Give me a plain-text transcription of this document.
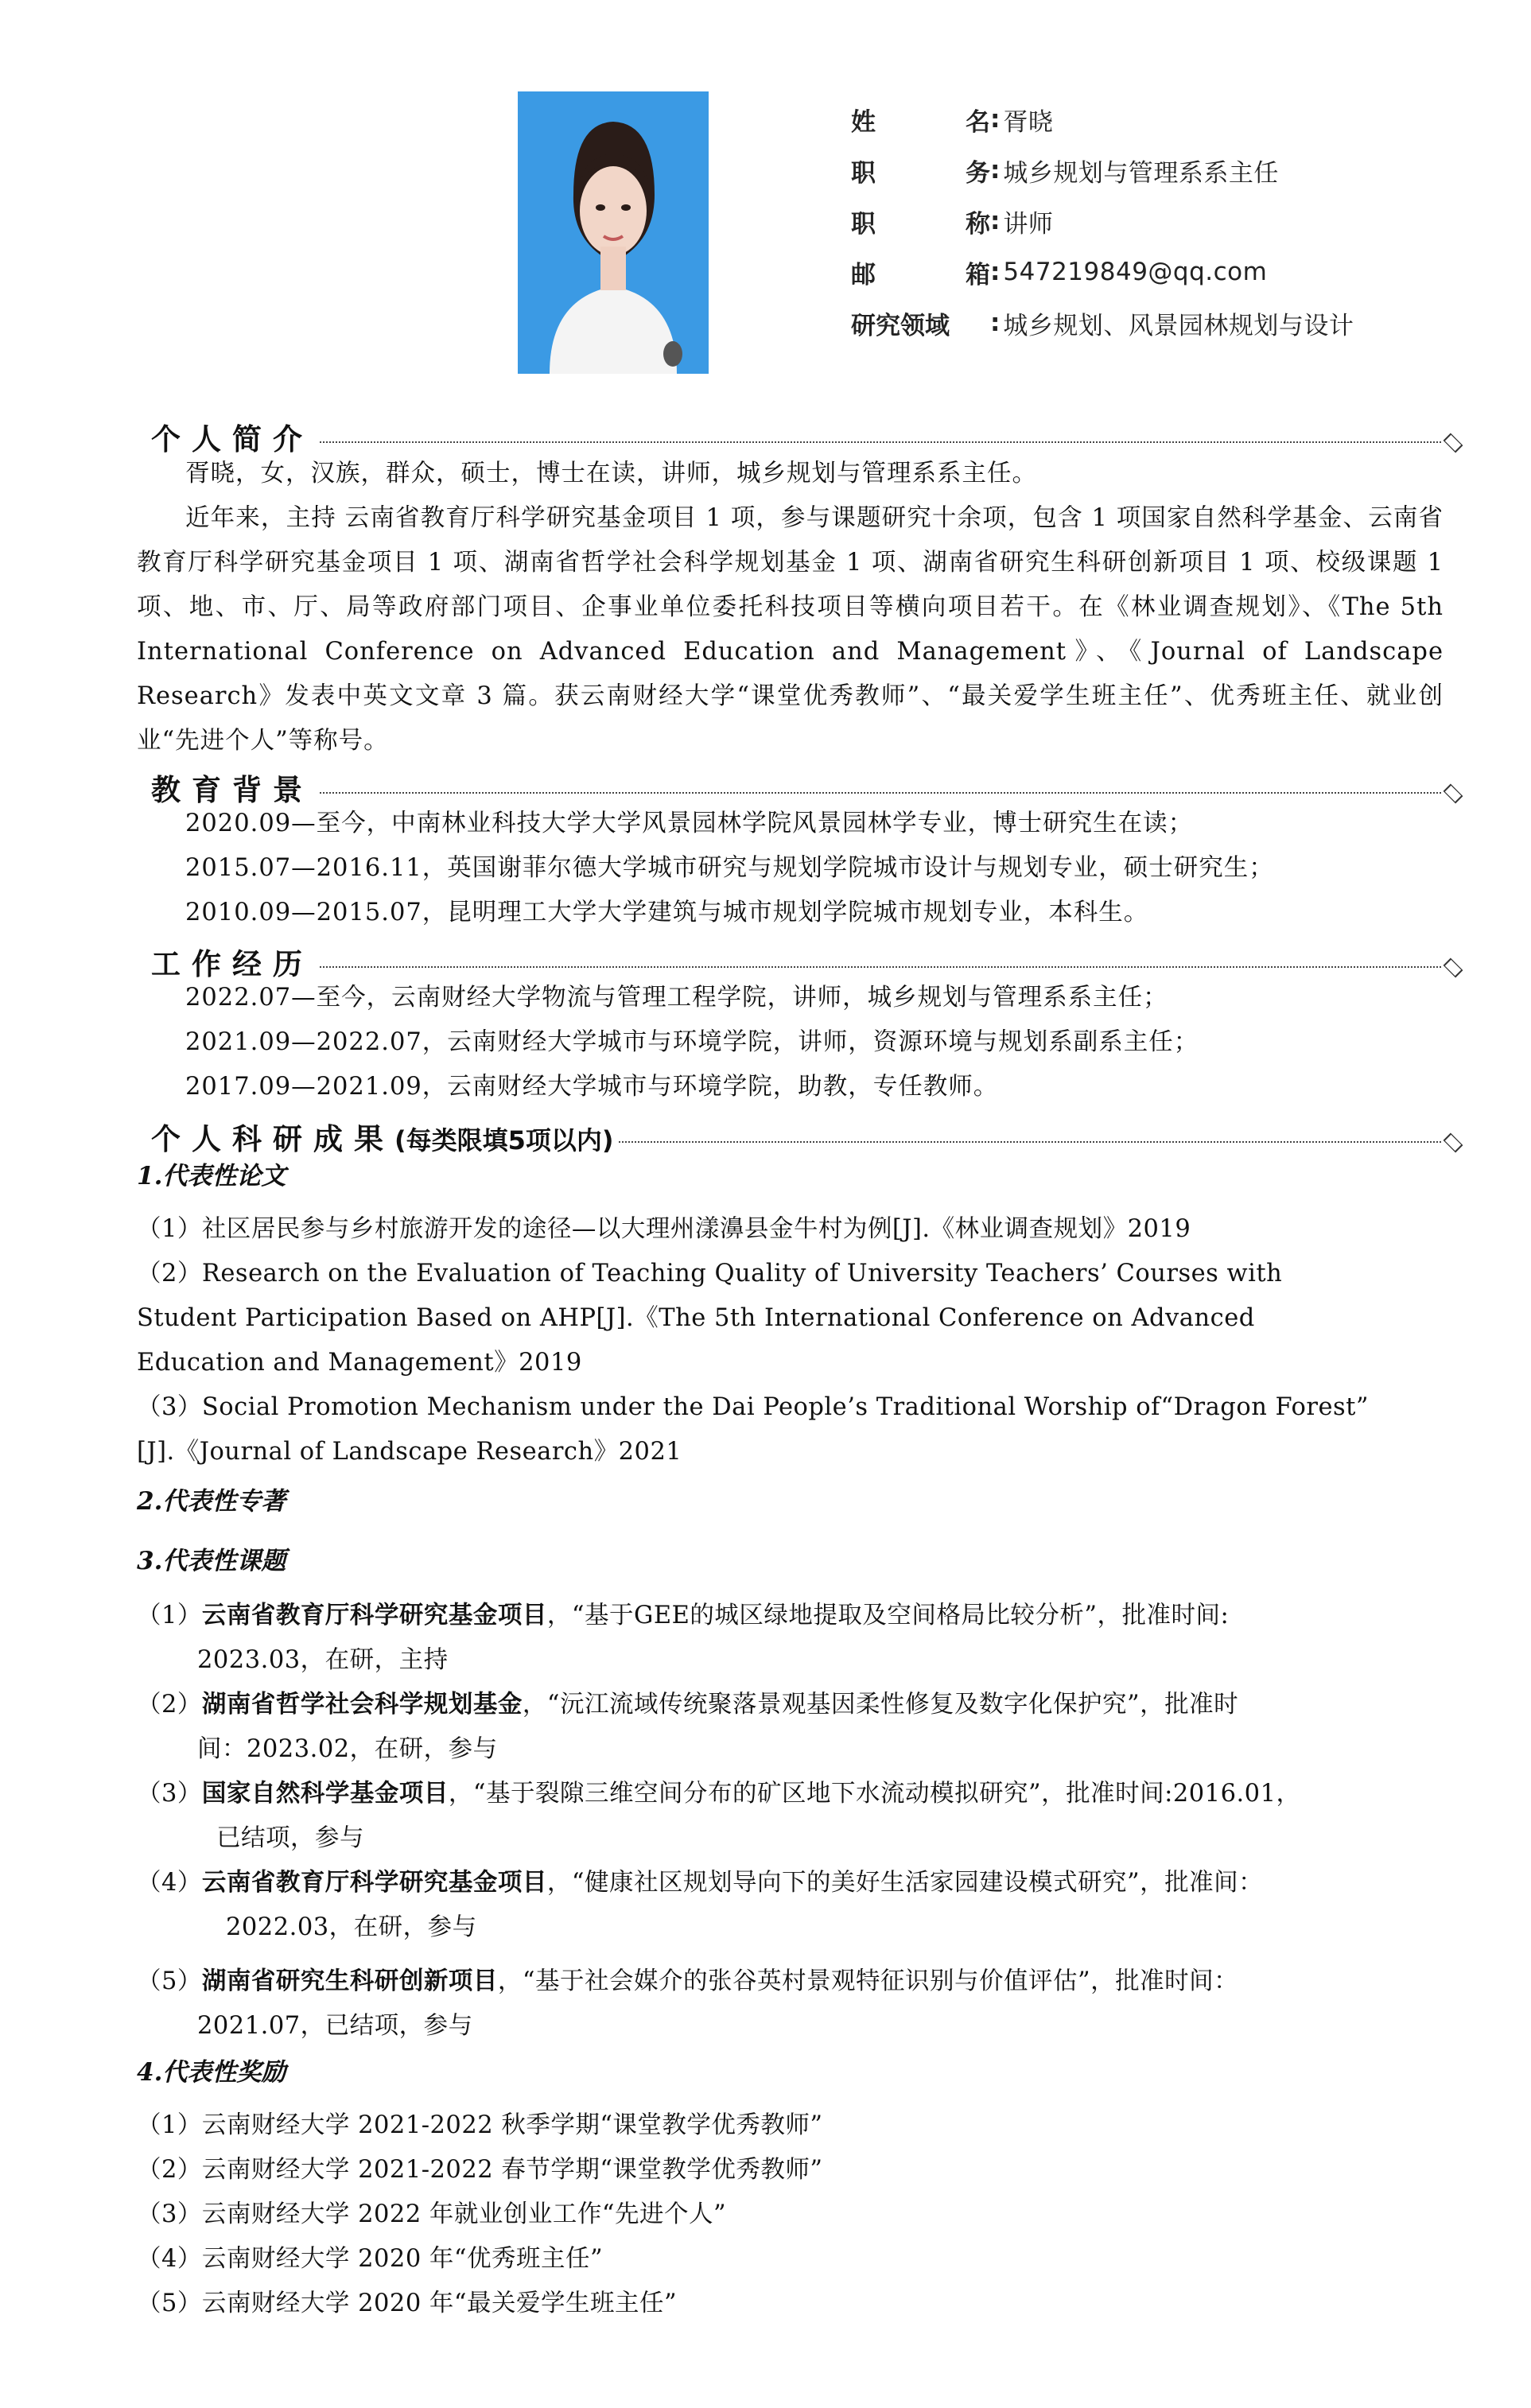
姓	名 : 胥晓
职	务 : 城乡规划与管理系系主任
职	称 : 讲师
邮	箱 : 547219849@qq.com
研究领域 : 城乡规划、风景园林规划与设计
个人简介

胥晓，女，汉族，群众，硕士，博士在读，讲师，城乡规划与管理系系主任。

近年来，主持 云南省教育厅科学研究基金项目 1 项，参与课题研究十余项，包含 1 项国家自然科学基金、云南省教育厅科学研究基金项目 1 项、湖南省哲学社会科学规划基金 1 项、湖南省研究生科研创新项目 1 项、校级课题 1 项、地、市、厅、局等政府部门项目、企事业单位委托科技项目等横向项目若干。在《林业调查规划》、《The 5th International Conference on Advanced Education and Management》、《Journal of Landscape Research》发表中英文文章 3 篇。获云南财经大学“课堂优秀教师”、“最关爱学生班主任”、优秀班主任、就业创业“先进个人”等称号。

教育背景

2020.09—至今，中南林业科技大学大学风景园林学院风景园林学专业，博士研究生在读；

2015.07—2016.11，英国谢菲尔德大学城市研究与规划学院城市设计与规划专业，硕士研究生；

2010.09—2015.07，昆明理工大学大学建筑与城市规划学院城市规划专业，本科生。

工作经历

2022.07—至今，云南财经大学物流与管理工程学院，讲师，城乡规划与管理系系主任；

2021.09—2022.07，云南财经大学城市与环境学院，讲师，资源环境与规划系副系主任；

2017.09—2021.09，云南财经大学城市与环境学院，助教，专任教师。

个人科研成果(每类限填5项以内)
1.代表性论文
（1）社区居民参与乡村旅游开发的途径—以大理州漾濞县金牛村为例[J].《林业调查规划》2019
（2）Research on the Evaluation of Teaching Quality of University Teachers’ Courses with
Student Participation Based on AHP[J].《The 5th International Conference on Advanced
Education and Management》2019
（3）Social Promotion Mechanism under the Dai People’s Traditional Worship of“Dragon Forest”
[J].《Journal of Landscape Research》2021
2.代表性专著
3.代表性课题
（1）云南省教育厅科学研究基金项目，“基于GEE的城区绿地提取及空间格局比较分析”，批准时间:
2023.03，在研，主持
（2）湖南省哲学社会科学规划基金，“沅江流域传统聚落景观基因柔性修复及数字化保护究”，批准时
间：2023.02，在研，参与
（3）国家自然科学基金项目，“基于裂隙三维空间分布的矿区地下水流动模拟研究”，批准时间:2016.01，
已结项，参与
（4）云南省教育厅科学研究基金项目，“健康社区规划导向下的美好生活家园建设模式研究”，批准间：
2022.03，在研，参与
（5）湖南省研究生科研创新项目，“基于社会媒介的张谷英村景观特征识别与价值评估”，批准时间：
2021.07，已结项，参与
4.代表性奖励
（1）云南财经大学 2021-2022 秋季学期“课堂教学优秀教师”
（2）云南财经大学 2021-2022 春节学期“课堂教学优秀教师”
（3）云南财经大学 2022 年就业创业工作“先进个人”
（4）云南财经大学 2020 年“优秀班主任”
（5）云南财经大学 2020 年“最关爱学生班主任”
